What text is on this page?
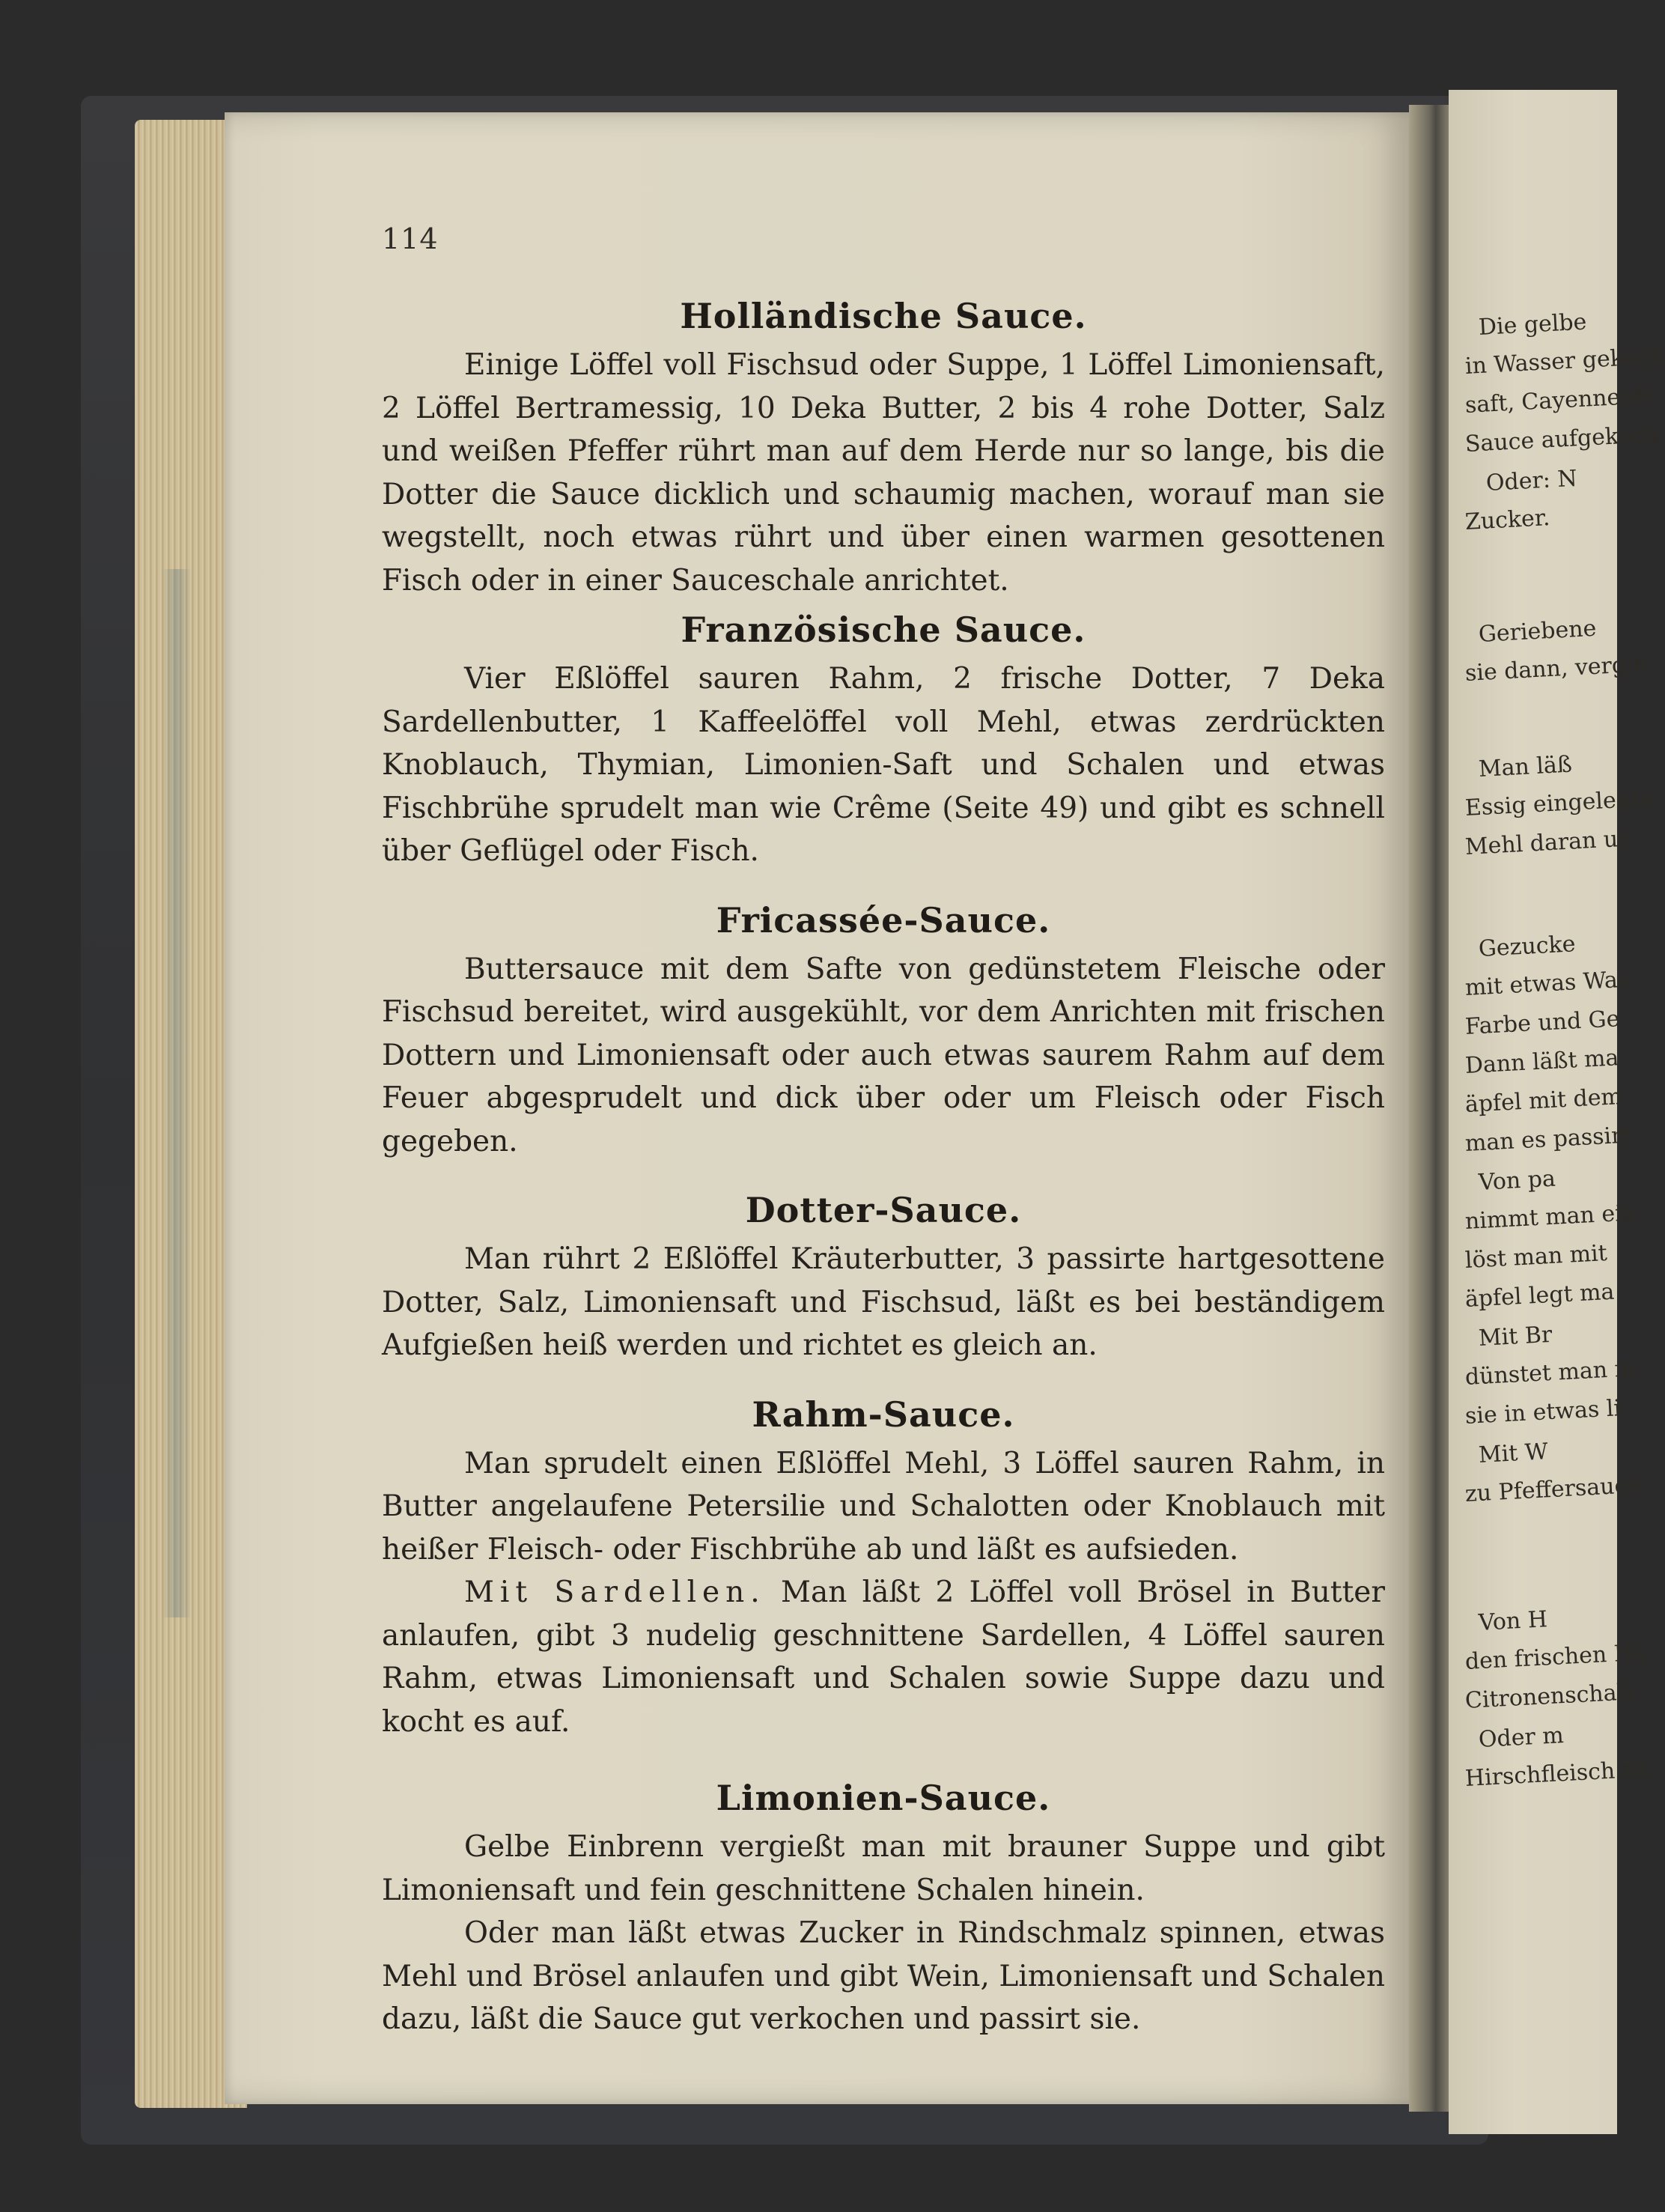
Die gelbe
in Wasser gekoch
saft, Cayennepfe
Sauce aufgekoch
Oder: N
Zucker.
Geriebene
sie dann, vergie
Man läß
Essig eingelegte
Mehl daran un
Gezucke
mit etwas Was
Farbe und Ge
Dann läßt ma
äpfel mit dem
man es passirt,
Von pa
nimmt man ein
löst man mit
äpfel legt ma
Mit Br
dünstet man m
sie in etwas li
Mit W
zu Pfeffersauce
Von H
den frischen Ha
Citronenschale
Oder m
Hirschfleisch zu
114
Holländische Sauce.

Einige Löffel voll Fischsud oder Suppe, 1 Löffel Limoniensaft, 2 Löffel Bertramessig, 10 Deka Butter, 2 bis 4 rohe Dotter, Salz und weißen Pfeffer rührt man auf dem Herde nur so lange, bis die Dotter die Sauce dicklich und schaumig machen, worauf man sie wegstellt, noch etwas rührt und über einen warmen gesottenen Fisch oder in einer Sauceschale anrichtet.

Französische Sauce.

Vier Eßlöffel sauren Rahm, 2 frische Dotter, 7 Deka Sardellenbutter, 1 Kaffeelöffel voll Mehl, etwas zerdrückten Knoblauch, Thymian, Limonien-Saft und Schalen und etwas Fischbrühe sprudelt man wie Crême (Seite 49) und gibt es schnell über Geflügel oder Fisch.

Fricassée-Sauce.

Buttersauce mit dem Safte von gedünstetem Fleische oder Fischsud bereitet, wird ausgekühlt, vor dem Anrichten mit frischen Dottern und Limoniensaft oder auch etwas saurem Rahm auf dem Feuer abgesprudelt und dick über oder um Fleisch oder Fisch gegeben.

Dotter-Sauce.

Man rührt 2 Eßlöffel Kräuterbutter, 3 passirte hartgesottene Dotter, Salz, Limoniensaft und Fischsud, läßt es bei beständigem Aufgießen heiß werden und richtet es gleich an.

Rahm-Sauce.

Man sprudelt einen Eßlöffel Mehl, 3 Löffel sauren Rahm, in Butter angelaufene Petersilie und Schalotten oder Knoblauch mit heißer Fleisch- oder Fischbrühe ab und läßt es aufsieden.

Mit Sardellen. Man läßt 2 Löffel voll Brösel in Butter anlaufen, gibt 3 nudelig geschnittene Sardellen, 4 Löffel sauren Rahm, etwas Limoniensaft und Schalen sowie Suppe dazu und kocht es auf.

Limonien-Sauce.

Gelbe Einbrenn vergießt man mit brauner Suppe und gibt Limoniensaft und fein geschnittene Schalen hinein.

Oder man läßt etwas Zucker in Rindschmalz spinnen, etwas Mehl und Brösel anlaufen und gibt Wein, Limoniensaft und Schalen dazu, läßt die Sauce gut verkochen und passirt sie.
